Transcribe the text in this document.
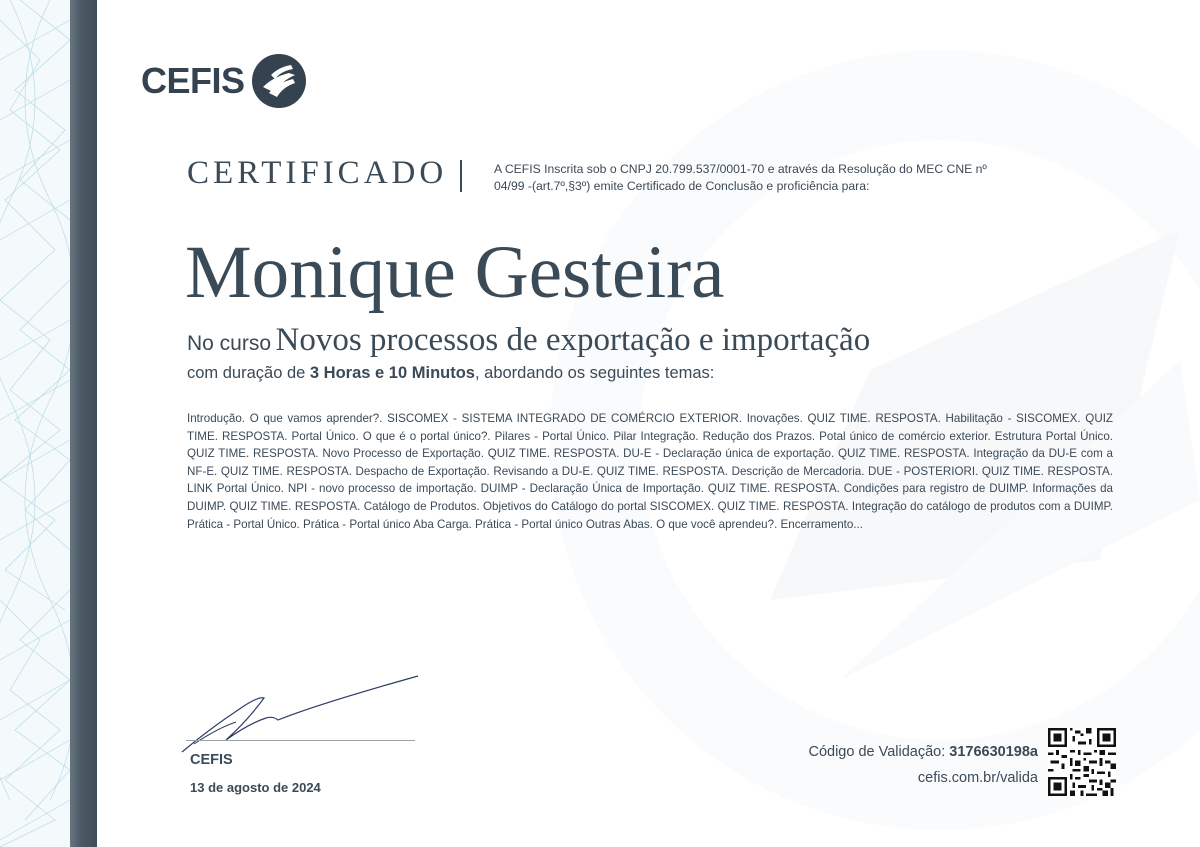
CEFIS
CERTIFICADO	A CEFIS Inscrita sob o CNPJ 20.799.537/0001-70 e através da Resolução do MEC CNE nº 04/99 -(art.7º,§3º) emite Certificado de Conclusão e proficiência para:
Monique Gesteira
No curso Novos processos de exportação e importação
com duração de 3 Horas e 10 Minutos, abordando os seguintes temas:
Introdução. O que vamos aprender?. SISCOMEX - SISTEMA INTEGRADO DE COMÉRCIO EXTERIOR. Inovações. QUIZ TIME. RESPOSTA. Habilitação - SISCOMEX. QUIZ TIME. RESPOSTA. Portal Único. O que é o portal único?. Pilares - Portal Único. Pilar Integração. Redução dos Prazos. Potal único de comércio exterior. Estrutura Portal Único. QUIZ TIME. RESPOSTA. Novo Processo de Exportação. QUIZ TIME. RESPOSTA. DU-E - Declaração única de exportação. QUIZ TIME. RESPOSTA. Integração da DU-E com a NF-E. QUIZ TIME. RESPOSTA. Despacho de Exportação. Revisando a DU-E. QUIZ TIME. RESPOSTA. Descrição de Mercadoria. DUE - POSTERIORI. QUIZ TIME. RESPOSTA. LINK Portal Único. NPI - novo processo de importação. DUIMP - Declaração Única de Importação. QUIZ TIME. RESPOSTA. Condições para registro de DUIMP. Informações da DUIMP. QUIZ TIME. RESPOSTA. Catálogo de Produtos. Objetivos do Catálogo do portal SISCOMEX. QUIZ TIME. RESPOSTA. Integração do catálogo de produtos com a DUIMP. Prática - Portal Único. Prática - Portal único Aba Carga. Prática - Portal único Outras Abas. O que você aprendeu?. Encerramento...
CEFIS
13 de agosto de 2024
Código de Validação: 3176630198a
cefis.com.br/valida
